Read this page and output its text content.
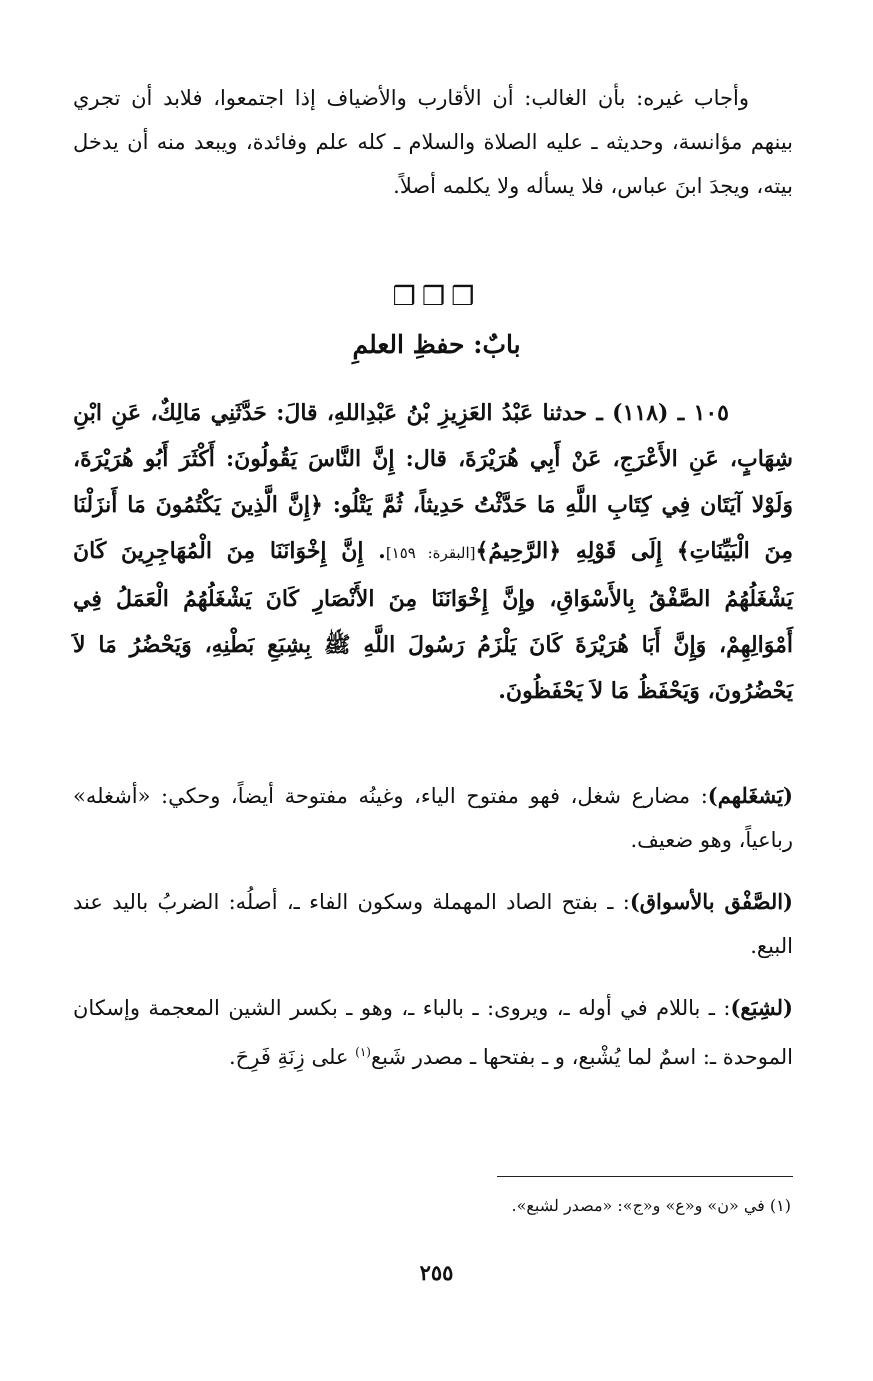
وأجاب غيره: بأن الغالب: أن الأقارب والأضياف إذا اجتمعوا، فلابد أن تجري بينهم مؤانسة، وحديثه ـ عليه الصلاة والسلام ـ كله علم وفائدة، ويبعد منه أن يدخل بيته، ويجدَ ابنَ عباس، فلا يسأله ولا يكلمه أصلاً.

❒❒❒
بابٌ: حفظِ العلمِ

١٠٥ ـ (١١٨) ـ حدثنا عَبْدُ العَزِيزِ بْنُ عَبْدِاللهِ، قالَ: حَدَّثَنِي مَالِكٌ، عَنِ ابْنِ شِهَابٍ، عَنِ الأَعْرَجِ، عَنْ أَبِي هُرَيْرَةَ، قال: إِنَّ النَّاسَ يَقُولُونَ: أَكْثَرَ أَبُو هُرَيْرَةَ، وَلَوْلا آيَتَان فِي كِتَابِ اللَّهِ مَا حَدَّثْتُ حَدِيثاً، ثُمَّ يَتْلُو: ﴿إِنَّ الَّذِينَ يَكْتُمُونَ مَا أَنزَلْنَا مِنَ الْبَيِّنَاتِ﴾ إِلَى قَوْلِهِ ﴿الرَّحِيمُ﴾[البقرة: ١٥٩]. إِنَّ إِخْوَانَنَا مِنَ الْمُهَاجِرِينَ كَانَ يَشْغَلُهُمُ الصَّفْقُ بِالأَسْوَاقِ، وإِنَّ إِخْوَانَنَا مِنَ الأَنْصَارِ كَانَ يَشْغَلُهُمُ الْعَمَلُ فِي أَمْوَالِهِمْ، وَإِنَّ أَبَا هُرَيْرَةَ كَانَ يَلْزَمُ رَسُولَ اللَّهِ ﷺ بِشِبَعِ بَطْنِهِ، وَيَحْضُرُ مَا لاَ يَحْضُرُونَ، وَيَحْفَظُ مَا لاَ يَحْفَظُونَ.

(يَشغَلهم): مضارع شغل، فهو مفتوح الياء، وغينُه مفتوحة أيضاً، وحكي: «أشغله» رباعياً، وهو ضعيف.

(الصَّفْق بالأسواق): ـ بفتح الصاد المهملة وسكون الفاء ـ، أصلُه: الضربُ باليد عند البيع.

(لشِبَع): ـ باللام في أوله ـ، ويروى: ـ بالباء ـ، وهو ـ بكسر الشين المعجمة وإسكان الموحدة ـ: اسمٌ لما يُشْبع، و ـ بفتحها ـ مصدر شَبع$^{(١)}$ على زِنَةِ فَرِحَ.

(١) في «ن» و«ع» و«ج»: «مصدر لشبع».

٢٥٥
